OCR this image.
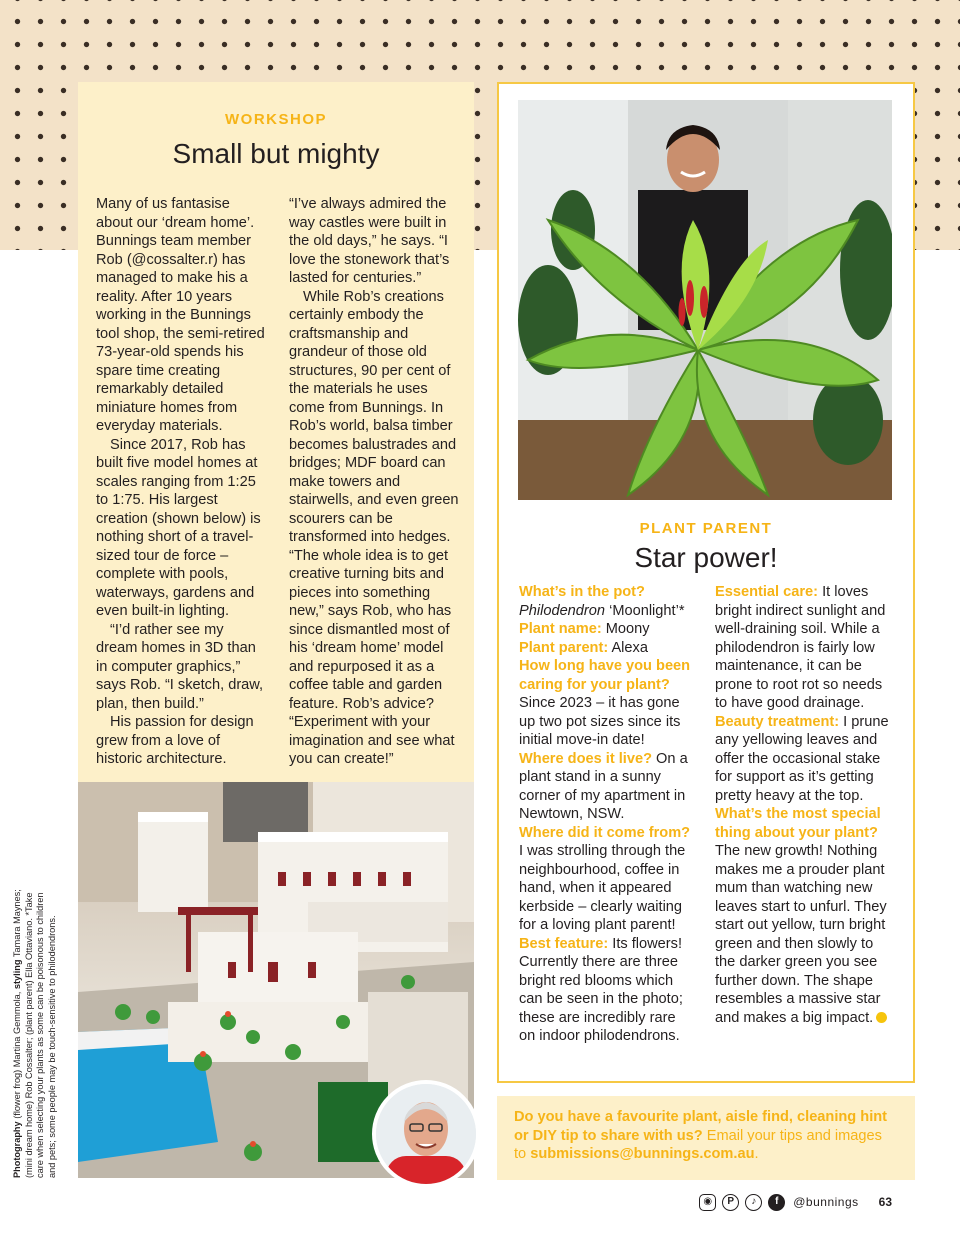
WORKSHOP
Small but mighty

Many of us fantasise about our ‘dream home’. Bunnings team member Rob (@cossalter.r) has managed to make his a reality. After 10 years working in the Bunnings tool shop, the semi-retired 73-year-old spends his spare time creating remarkably detailed miniature homes from everyday materials.

Since 2017, Rob has built five model homes at scales ranging from 1:25 to 1:75. His largest creation (shown below) is nothing short of a travel-sized tour de force – complete with pools, waterways, gardens and even built-in lighting.

“I’d rather see my dream homes in 3D than in computer graphics,” says Rob. “I sketch, draw, plan, then build.”

His passion for design grew from a love of historic architecture.

“I’ve always admired the way castles were built in the old days,” he says. “I love the stonework that’s lasted for centuries.”

While Rob’s creations certainly embody the craftsmanship and grandeur of those old structures, 90 per cent of the materials he uses come from Bunnings. In Rob’s world, balsa timber becomes balustrades and bridges; MDF board can make towers and stairwells, and even green scourers can be transformed into hedges. “The whole idea is to get creative turning bits and pieces into something new,” says Rob, who has since dismantled most of his ‘dream home’ model and repurposed it as a coffee table and garden feature. Rob’s advice? “Experiment with your imagination and see what you can create!”

Photography (flower frog) Martina Gemmola, styling Tamara Maynes; (mini dream home) Rob Cossalter; (plant parent) Ella Ottaviano. *Take care when selecting your plants as some can be poisonous to children and pets; some people may be touch-sensitive to philodendrons.
PLANT PARENT
Star power!
What’s in the pot?
Philodendron ‘Moonlight’*
Plant name: Moony
Plant parent: Alexa
How long have you been caring for your plant? Since 2023 – it has gone up two pot sizes since its initial move-in date!
Where does it live? On a plant stand in a sunny corner of my apartment in Newtown, NSW.
Where did it come from? I was strolling through the neighbourhood, coffee in hand, when it appeared kerbside – clearly waiting for a loving plant parent!
Best feature: Its flowers! Currently there are three bright red blooms which can be seen in the photo; these are incredibly rare on indoor philodendrons.
Essential care: It loves bright indirect sunlight and well-draining soil. While a philodendron is fairly low maintenance, it can be prone to root rot so needs to have good drainage.
Beauty treatment: I prune any yellowing leaves and offer the occasional stake for support as it’s getting pretty heavy at the top.
What’s the most special thing about your plant? The new growth! Nothing makes me a prouder plant mum than watching new leaves start to unfurl. They start out yellow, turn bright green and then slowly to the darker green you see further down. The shape resembles a massive star and makes a big impact.
Do you have a favourite plant, aisle find, cleaning hint or DIY tip to share with us? Email your tips and images to submissions@bunnings.com.au.
◉	P	♪	f	@bunnings 63
